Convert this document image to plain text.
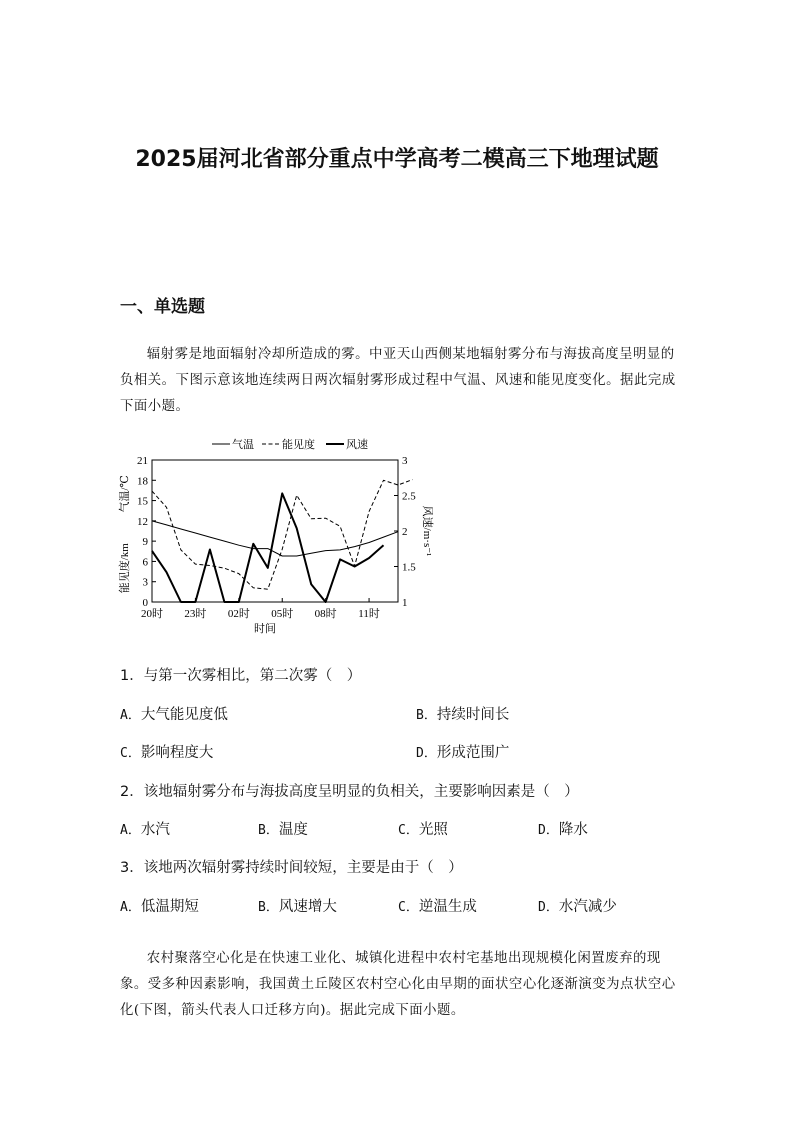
2025届河北省部分重点中学高考二模高三下地理试题
一、单选题

辐射雾是地面辐射冷却所造成的雾。中亚天山西侧某地辐射雾分布与海拔高度呈明显的负相关。下图示意该地连续两日两次辐射雾形成过程中气温、风速和能见度变化。据此完成下面小题。

0
3
6
9
12
15
18
21
1
1.5
2
2.5
3
20时 23时 02时 05时 08时 11时
时间
气温/℃
能见度/km
风速/m·s⁻¹
气温	能见度	风速

1．与第一次雾相比，第二次雾（　）

A．大气能见度低	B．持续时间长

C．影响程度大	D．形成范围广

2．该地辐射雾分布与海拔高度呈明显的负相关，主要影响因素是（　）

A．水汽	B．温度	C．光照	D．降水

3．该地两次辐射雾持续时间较短，主要是由于（　）

A．低温期短	B．风速增大	C．逆温生成	D．水汽减少

农村聚落空心化是在快速工业化、城镇化进程中农村宅基地出现规模化闲置废弃的现象。受多种因素影响，我国黄土丘陵区农村空心化由早期的面状空心化逐渐演变为点状空心化(下图，箭头代表人口迁移方向)。据此完成下面小题。
